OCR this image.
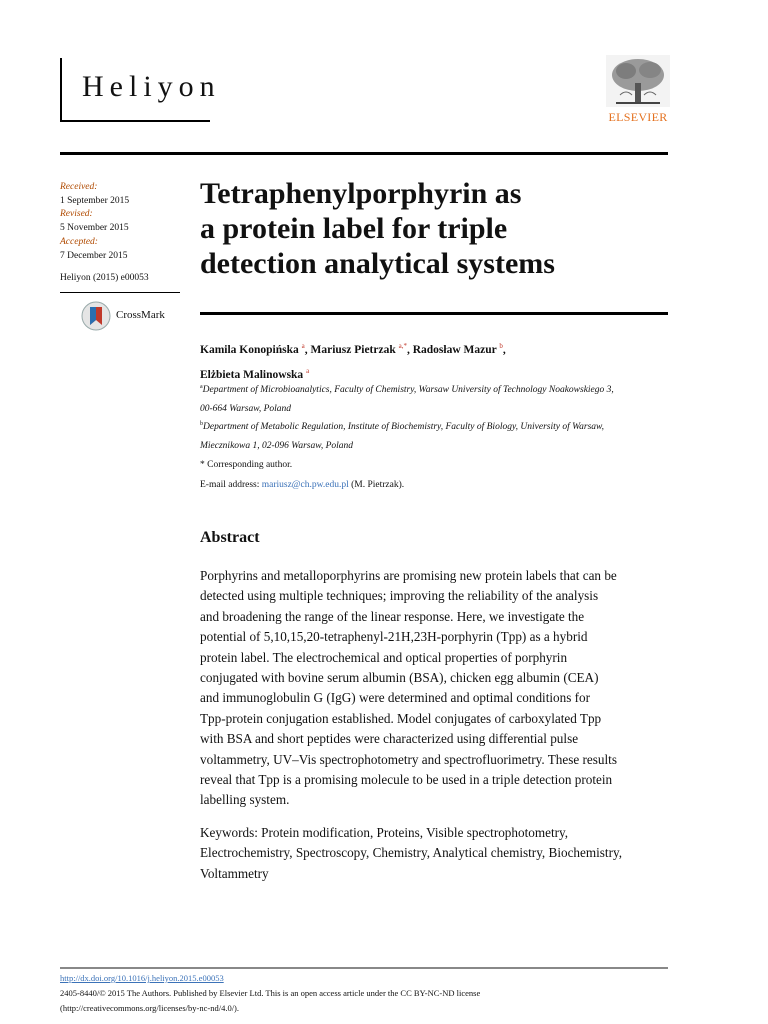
Heliyon
ELSEVIER
Received:
1 September 2015
Revised:
5 November 2015
Accepted:
7 December 2015
Heliyon (2015) e00053
CrossMark
Tetraphenylporphyrin as
a protein label for triple
detection analytical systems
Kamila Konopińska $^a$, Mariusz Pietrzak $^{a,*}$, Radosław Mazur $^b$,
Elżbieta Malinowska $^a$
$^a$Department of Microbioanalytics, Faculty of Chemistry, Warsaw University of Technology Noakowskiego 3,
00-664 Warsaw, Poland
$^b$Department of Metabolic Regulation, Institute of Biochemistry, Faculty of Biology, University of Warsaw,
Miecznikowa 1, 02-096 Warsaw, Poland
* Corresponding author.
E-mail address: mariusz@ch.pw.edu.pl (M. Pietrzak).
Abstract
Porphyrins and metalloporphyrins are promising new protein labels that can be
detected using multiple techniques; improving the reliability of the analysis
and broadening the range of the linear response. Here, we investigate the
potential of 5,10,15,20-tetraphenyl-21H,23H-porphyrin (Tpp) as a hybrid
protein label. The electrochemical and optical properties of porphyrin
conjugated with bovine serum albumin (BSA), chicken egg albumin (CEA)
and immunoglobulin G (IgG) were determined and optimal conditions for
Tpp-protein conjugation established. Model conjugates of carboxylated Tpp
with BSA and short peptides were characterized using differential pulse
voltammetry, UV–Vis spectrophotometry and spectrofluorimetry. These results
reveal that Tpp is a promising molecule to be used in a triple detection protein
labelling system.
Keywords: Protein modification, Proteins, Visible spectrophotometry,
Electrochemistry, Spectroscopy, Chemistry, Analytical chemistry, Biochemistry,
Voltammetry
http://dx.doi.org/10.1016/j.heliyon.2015.e00053
2405-8440/© 2015 The Authors. Published by Elsevier Ltd. This is an open access article under the CC BY-NC-ND license
(http://creativecommons.org/licenses/by-nc-nd/4.0/).
